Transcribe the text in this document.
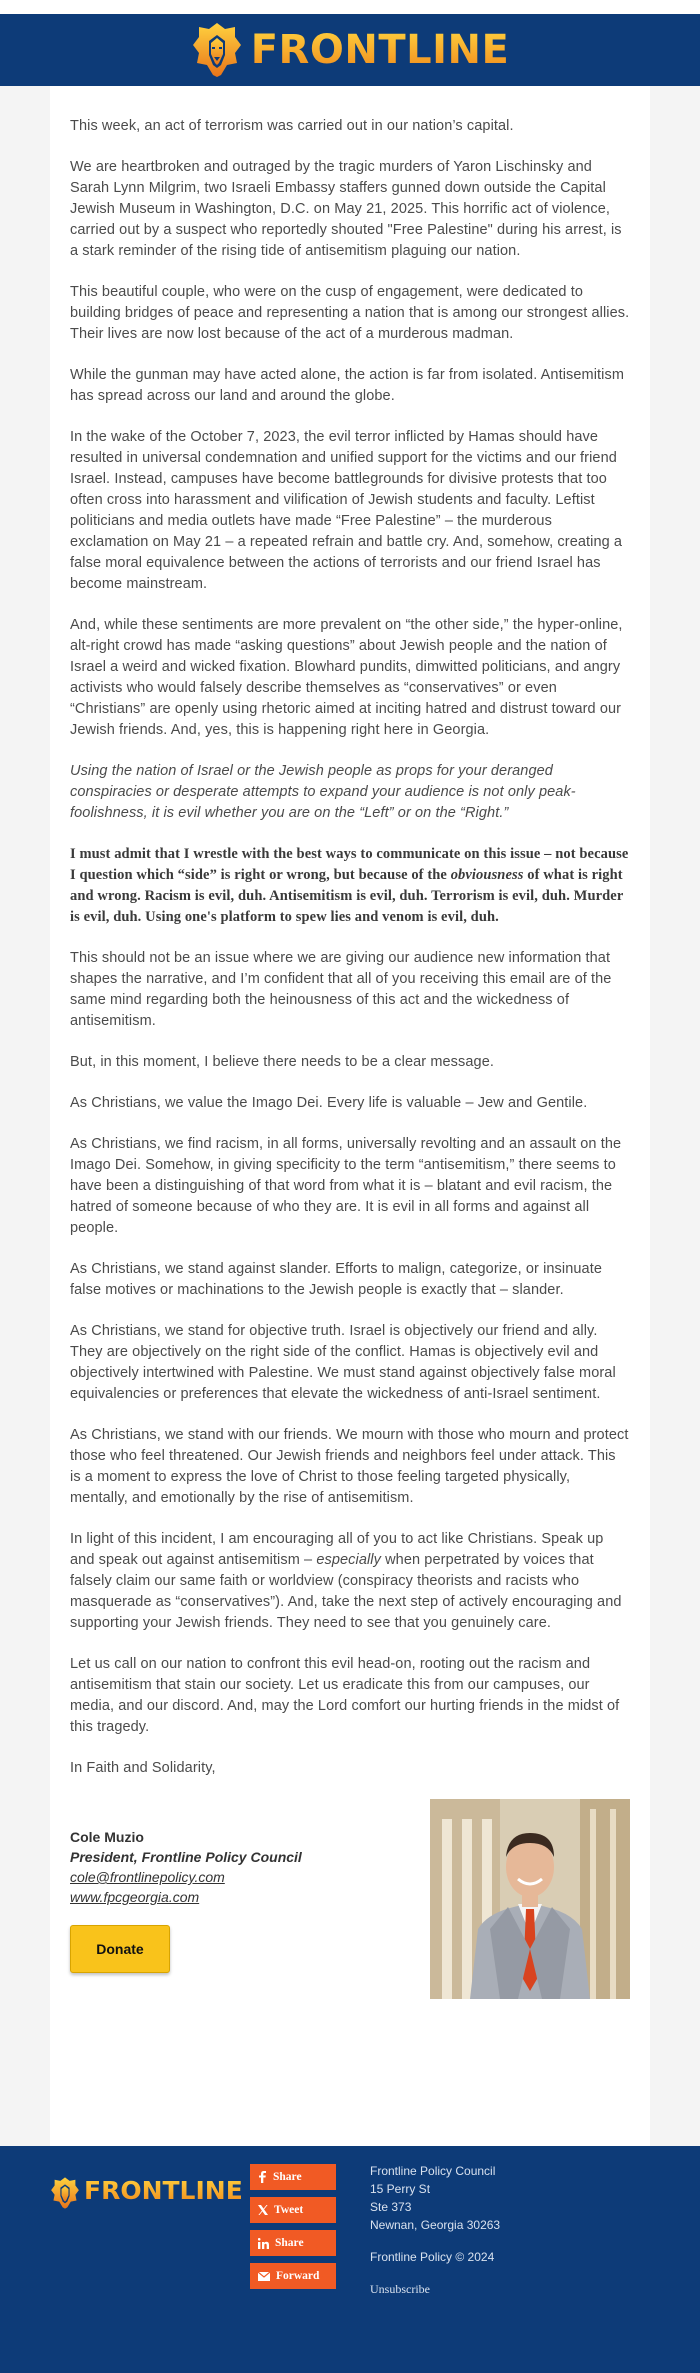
FRONTLINE

This week, an act of terrorism was carried out in our nation’s capital.

We are heartbroken and outraged by the tragic murders of Yaron Lischinsky and Sarah Lynn Milgrim, two Israeli Embassy staffers gunned down outside the Capital Jewish Museum in Washington, D.C. on May 21, 2025. This horrific act of violence, carried out by a suspect who reportedly shouted "Free Palestine" during his arrest, is a stark reminder of the rising tide of antisemitism plaguing our nation.

This beautiful couple, who were on the cusp of engagement, were dedicated to building bridges of peace and representing a nation that is among our strongest allies. Their lives are now lost because of the act of a murderous madman.

While the gunman may have acted alone, the action is far from isolated. Antisemitism has spread across our land and around the globe.

In the wake of the October 7, 2023, the evil terror inflicted by Hamas should have resulted in universal condemnation and unified support for the victims and our friend Israel. Instead, campuses have become battlegrounds for divisive protests that too often cross into harassment and vilification of Jewish students and faculty. Leftist politicians and media outlets have made “Free Palestine” – the murderous exclamation on May 21 – a repeated refrain and battle cry. And, somehow, creating a false moral equivalence between the actions of terrorists and our friend Israel has become mainstream.

And, while these sentiments are more prevalent on “the other side,” the hyper-online, alt-right crowd has made “asking questions” about Jewish people and the nation of Israel a weird and wicked fixation. Blowhard pundits, dimwitted politicians, and angry activists who would falsely describe themselves as “conservatives” or even “Christians” are openly using rhetoric aimed at inciting hatred and distrust toward our Jewish friends. And, yes, this is happening right here in Georgia.

Using the nation of Israel or the Jewish people as props for your deranged conspiracies or desperate attempts to expand your audience is not only peak-foolishness, it is evil whether you are on the “Left” or on the “Right.”

I must admit that I wrestle with the best ways to communicate on this issue – not because I question which “side” is right or wrong, but because of the obviousness of what is right and wrong. Racism is evil, duh. Antisemitism is evil, duh. Terrorism is evil, duh. Murder is evil, duh. Using one's platform to spew lies and venom is evil, duh.

This should not be an issue where we are giving our audience new information that shapes the narrative, and I’m confident that all of you receiving this email are of the same mind regarding both the heinousness of this act and the wickedness of antisemitism.

But, in this moment, I believe there needs to be a clear message.

As Christians, we value the Imago Dei. Every life is valuable – Jew and Gentile.

As Christians, we find racism, in all forms, universally revolting and an assault on the Imago Dei. Somehow, in giving specificity to the term “antisemitism,” there seems to have been a distinguishing of that word from what it is – blatant and evil racism, the hatred of someone because of who they are. It is evil in all forms and against all people.

As Christians, we stand against slander. Efforts to malign, categorize, or insinuate false motives or machinations to the Jewish people is exactly that – slander.

As Christians, we stand for objective truth. Israel is objectively our friend and ally. They are objectively on the right side of the conflict. Hamas is objectively evil and objectively intertwined with Palestine. We must stand against objectively false moral equivalencies or preferences that elevate the wickedness of anti-Israel sentiment.

As Christians, we stand with our friends. We mourn with those who mourn and protect those who feel threatened. Our Jewish friends and neighbors feel under attack. This is a moment to express the love of Christ to those feeling targeted physically, mentally, and emotionally by the rise of antisemitism.

In light of this incident, I am encouraging all of you to act like Christians. Speak up and speak out against antisemitism – especially when perpetrated by voices that falsely claim our same faith or worldview (conspiracy theorists and racists who masquerade as “conservatives”). And, take the next step of actively encouraging and supporting your Jewish friends. They need to see that you genuinely care.

Let us call on our nation to confront this evil head-on, rooting out the racism and antisemitism that stain our society. Let us eradicate this from our campuses, our media, and our discord. And, may the Lord comfort our hurting friends in the midst of this tragedy.

In Faith and Solidarity,

Cole Muzio
President, Frontline Policy Council
cole@frontlinepolicy.com
www.fpcgeorgia.com
Donate
FRONTLINE	Share
Tweet
Share
Forward
Frontline Policy Council
15 Perry St
Ste 373
Newnan, Georgia 30263
Frontline Policy © 2024
Unsubscribe
